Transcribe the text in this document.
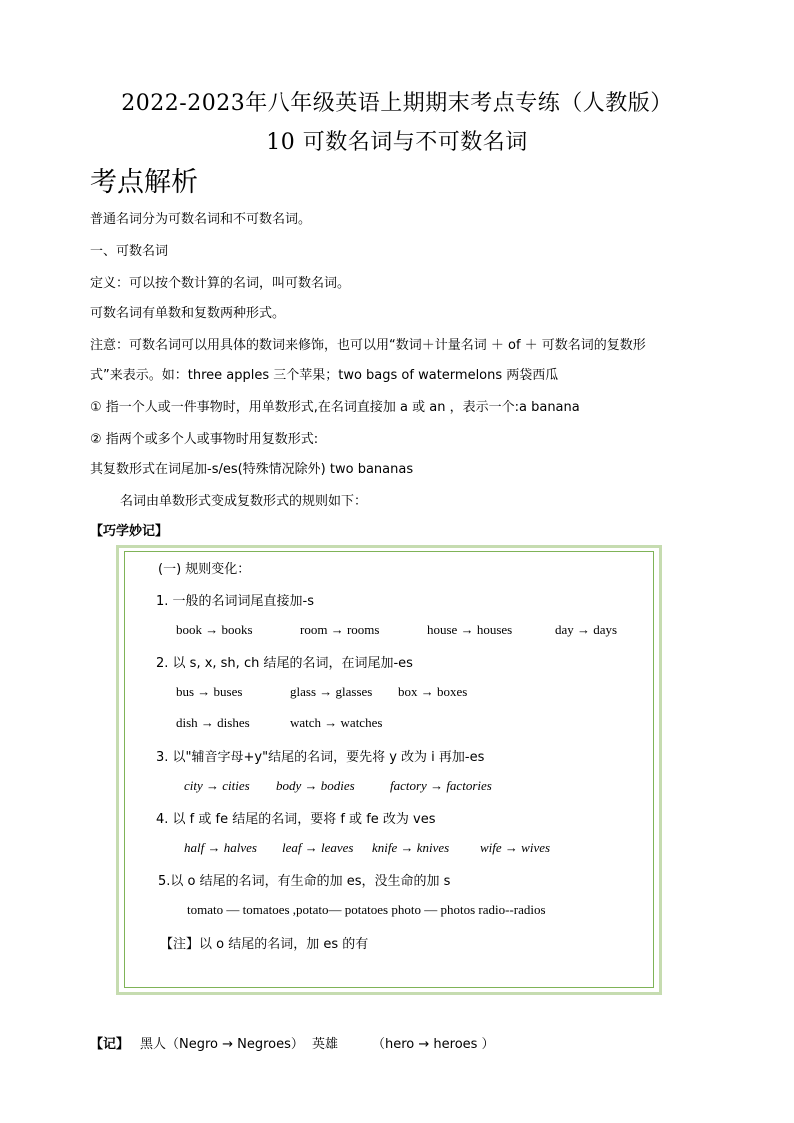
2022-2023年八年级英语上期期末考点专练（人教版）
10 可数名词与不可数名词
考点解析
普通名词分为可数名词和不可数名词。
一、可数名词
定义：可以按个数计算的名词，叫可数名词。
可数名词有单数和复数两种形式。
注意：可数名词可以用具体的数词来修饰，也可以用“数词＋计量名词 ＋ of ＋ 可数名词的复数形
式”来表示。如：three apples 三个苹果；two bags of watermelons 两袋西瓜
① 指一个人或一件事物时，用单数形式,在名词直接加 a 或 an ，表示一个:a banana
② 指两个或多个人或事物时用复数形式:
其复数形式在词尾加-s/es(特殊情况除外) two bananas
名词由单数形式变成复数形式的规则如下：
【巧学妙记】
(一) 规则变化：
1. 一般的名词词尾直接加-s
book → books	room → rooms	house → houses	day → days
2. 以 s, x, sh, ch 结尾的名词，在词尾加-es
bus → buses	glass → glasses box → boxes
dish → dishes	watch → watches
3. 以"辅音字母+y"结尾的名词，要先将 y 改为 i 再加-es
city → cities body → bodies	factory → factories
4. 以 f 或 fe 结尾的名词，要将 f 或 fe 改为 ves
half → halves leaf → leaves knife → knives wife → wives
5.以 o 结尾的名词，有生命的加 es，没生命的加 s
tomato — tomatoes ,potato— potatoes photo — photos radio--radios
【注】以 o 结尾的名词，加 es 的有
【记】 黑人（Negro → Negroes） 英雄	（hero → heroes ）
